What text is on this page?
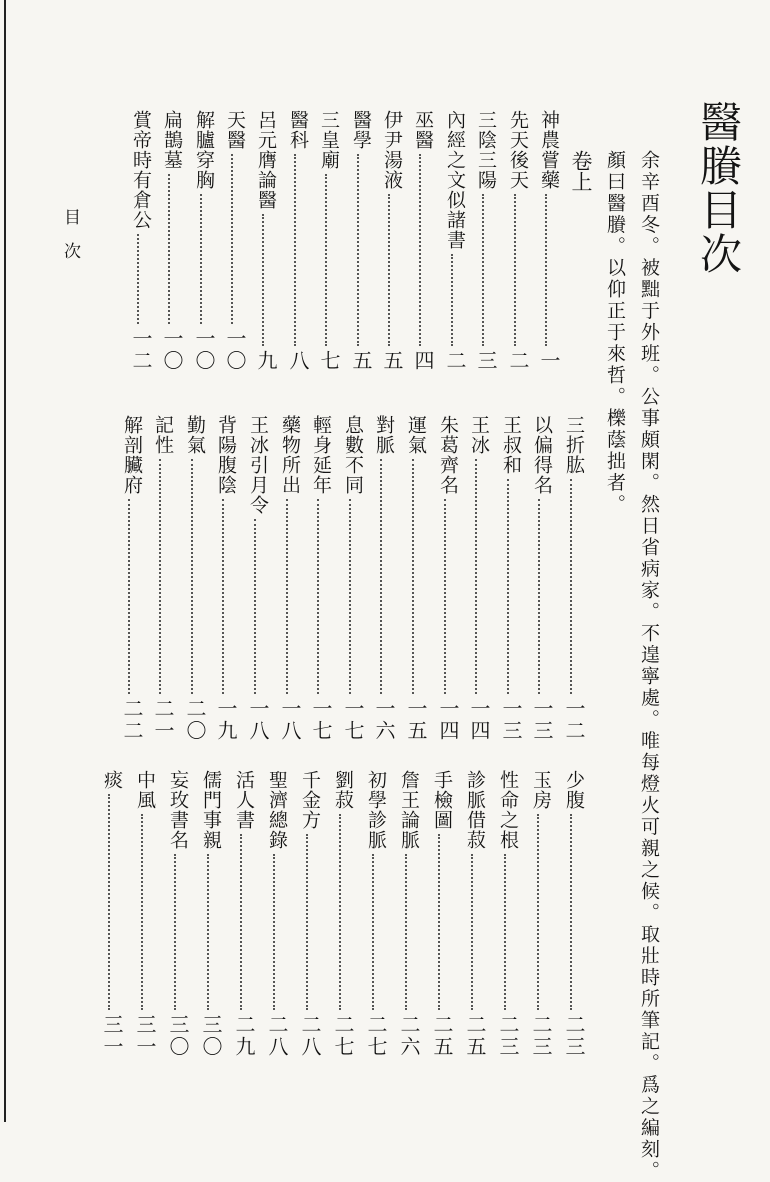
醫賸目次
余辛酉冬。被黜于外班。公事頗閑。然日省病家。不遑寧處。唯每燈火可親之候。取壯時所筆記。爲之編刻。
顏曰醫賸。以仰正于來哲。櫟蔭拙者。
卷上
神農嘗藥
一
先天後天
二
三陰三陽
三
內經之文似諸書
二
巫醫
四
伊尹湯液
五
醫學
五
三皇廟
七
醫科
八
呂元膺論醫
九
天醫
一〇
解臚穿胸
一〇
扁鵲墓
一〇
賞帝時有倉公
一二
三折肱
一二
以偏得名
一三
王叔和
一三
王冰
一四
朱葛齊名
一四
運氣
一五
對脈
一六
息數不同
一七
輕身延年
一七
藥物所出
一八
王冰引月令
一八
背陽腹陰
一九
勤氣
二〇
記性
二一
解剖臟府
二二
少腹
二三
玉房
二三
性命之根
二三
診脈借菽
二五
手檢圖
二五
詹王論脈
二六
初學診脈
二七
劉菽
二七
千金方
二八
聖濟總錄
二八
活人書
二九
儒門事親
三〇
妄玫書名
三〇
中風
三一
痰
三一
目　次
